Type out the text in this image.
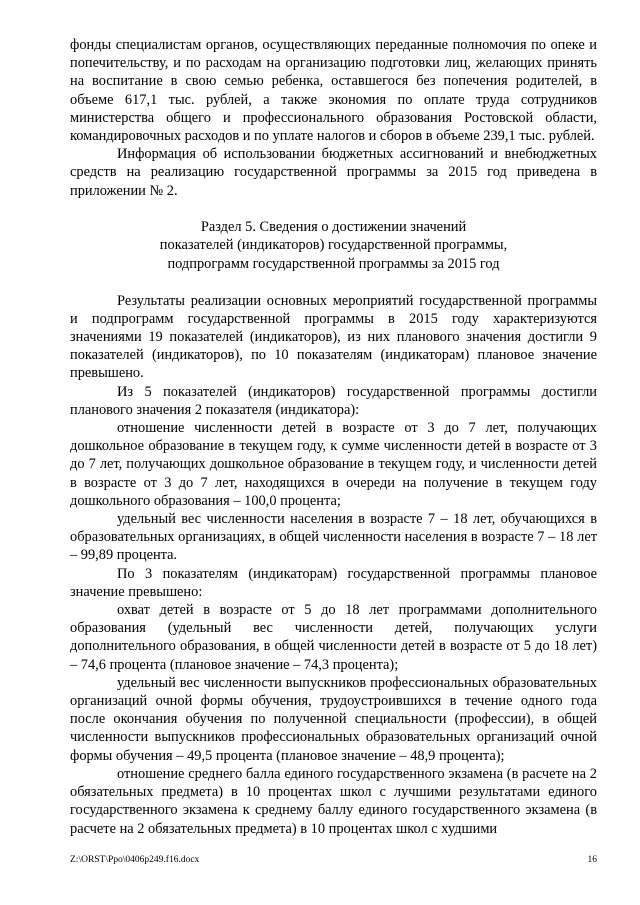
фонды специалистам органов, осуществляющих переданные полномочия по опеке и попечительству, и по расходам на организацию подготовки лиц, желающих принять на воспитание в свою семью ребенка, оставшегося без попечения родителей, в объеме 617,1 тыс. рублей, а также экономия по оплате труда сотрудников министерства общего и профессионального образования Ростовской области, командировочных расходов и по уплате налогов и сборов в объеме 239,1 тыс. рублей.

Информация об использовании бюджетных ассигнований и внебюджетных средств на реализацию государственной программы за 2015 год приведена в приложении № 2.

Раздел 5. Сведения о достижении значений
показателей (индикаторов) государственной программы,
подпрограмм государственной программы за 2015 год

Результаты реализации основных мероприятий государственной программы и подпрограмм государственной программы в 2015 году характеризуются значениями 19 показателей (индикаторов), из них планового значения достигли 9 показателей (индикаторов), по 10 показателям (индикаторам) плановое значение превышено.

Из 5 показателей (индикаторов) государственной программы достигли планового значения 2 показателя (индикатора):

отношение численности детей в возрасте от 3 до 7 лет, получающих дошкольное образование в текущем году, к сумме численности детей в возрасте от 3 до 7 лет, получающих дошкольное образование в текущем году, и численности детей в возрасте от 3 до 7 лет, находящихся в очереди на получение в текущем году дошкольного образования – 100,0 процента;

удельный вес численности населения в возрасте 7 – 18 лет, обучающихся в образовательных организациях, в общей численности населения в возрасте 7 – 18 лет – 99,89 процента.

По 3 показателям (индикаторам) государственной программы плановое значение превышено:

охват детей в возрасте от 5 до 18 лет программами дополнительного образования (удельный вес численности детей, получающих услуги дополнительного образования, в общей численности детей в возрасте от 5 до 18 лет) – 74,6 процента (плановое значение – 74,3 процента);

удельный вес численности выпускников профессиональных образовательных организаций очной формы обучения, трудоустроившихся в течение одного года после окончания обучения по полученной специальности (профессии), в общей численности выпускников профессиональных образовательных организаций очной формы обучения – 49,5 процента (плановое значение – 48,9 процента);

отношение среднего балла единого государственного экзамена (в расчете на 2 обязательных предмета) в 10 процентах школ с лучшими результатами единого государственного экзамена к среднему баллу единого государственного экзамена (в расчете на 2 обязательных предмета) в 10 процентах школ с худшими

Z:\ORST\Ppo\0406p249.f16.docx	16
